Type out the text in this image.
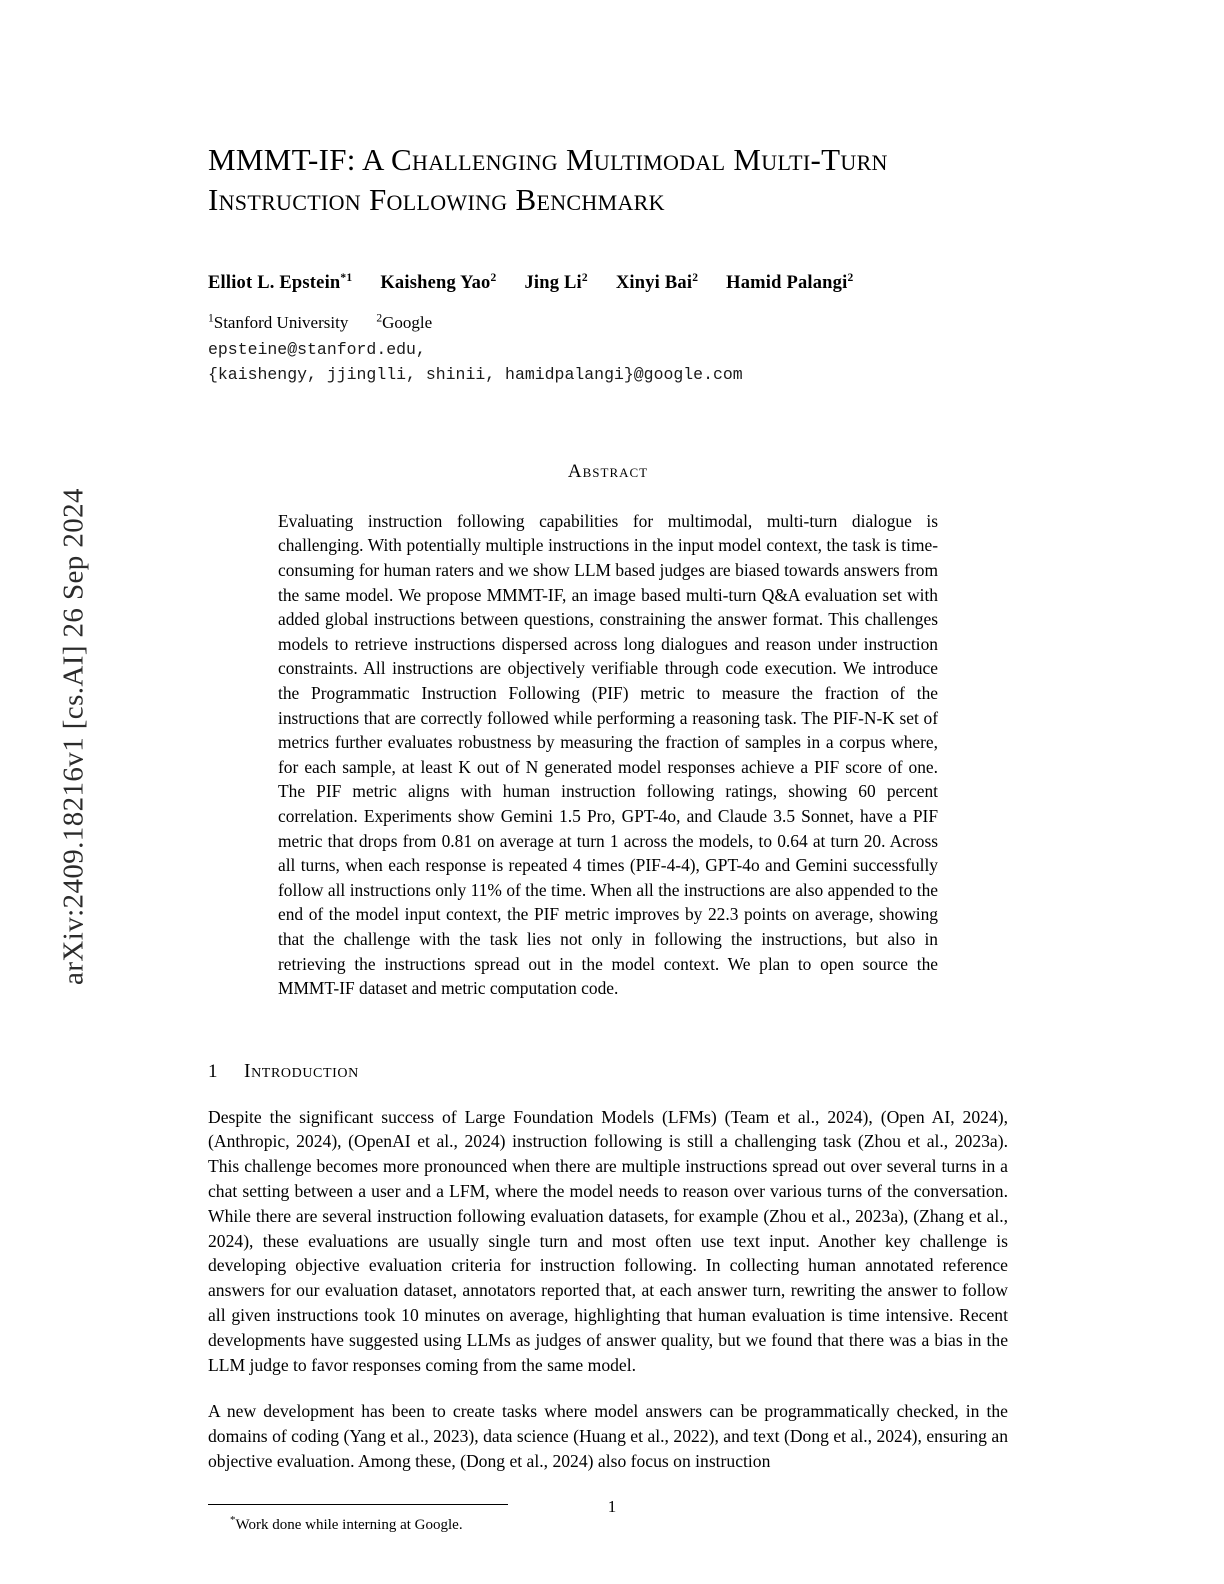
arXiv:2409.18216v1 [cs.AI] 26 Sep 2024
MMMT-IF: A Challenging Multimodal Multi-Turn Instruction Following Benchmark
Elliot L. Epstein$^{*1}$ Kaisheng Yao$^2$ Jing Li$^2$ Xinyi Bai$^2$ Hamid Palangi$^2$
$^1$Stanford University $^2$Google
epsteine@stanford.edu,
{kaishengy, jjinglli, shinii, hamidpalangi}@google.com
Abstract
Evaluating instruction following capabilities for multimodal, multi-turn dialogue is challenging. With potentially multiple instructions in the input model context, the task is time-consuming for human raters and we show LLM based judges are biased towards answers from the same model. We propose MMMT-IF, an image based multi-turn Q&A evaluation set with added global instructions between questions, constraining the answer format. This challenges models to retrieve instructions dispersed across long dialogues and reason under instruction constraints. All instructions are objectively verifiable through code execution. We introduce the Programmatic Instruction Following (PIF) metric to measure the fraction of the instructions that are correctly followed while performing a reasoning task. The PIF-N-K set of metrics further evaluates robustness by measuring the fraction of samples in a corpus where, for each sample, at least K out of N generated model responses achieve a PIF score of one. The PIF metric aligns with human instruction following ratings, showing 60 percent correlation. Experiments show Gemini 1.5 Pro, GPT-4o, and Claude 3.5 Sonnet, have a PIF metric that drops from 0.81 on average at turn 1 across the models, to 0.64 at turn 20. Across all turns, when each response is repeated 4 times (PIF-4-4), GPT-4o and Gemini successfully follow all instructions only 11% of the time. When all the instructions are also appended to the end of the model input context, the PIF metric improves by 22.3 points on average, showing that the challenge with the task lies not only in following the instructions, but also in retrieving the instructions spread out in the model context. We plan to open source the MMMT-IF dataset and metric computation code.
1 Introduction
Despite the significant success of Large Foundation Models (LFMs) (Team et al., 2024), (Open AI, 2024), (Anthropic, 2024), (OpenAI et al., 2024) instruction following is still a challenging task (Zhou et al., 2023a). This challenge becomes more pronounced when there are multiple instructions spread out over several turns in a chat setting between a user and a LFM, where the model needs to reason over various turns of the conversation. While there are several instruction following evaluation datasets, for example (Zhou et al., 2023a), (Zhang et al., 2024), these evaluations are usually single turn and most often use text input. Another key challenge is developing objective evaluation criteria for instruction following. In collecting human annotated reference answers for our evaluation dataset, annotators reported that, at each answer turn, rewriting the answer to follow all given instructions took 10 minutes on average, highlighting that human evaluation is time intensive. Recent developments have suggested using LLMs as judges of answer quality, but we found that there was a bias in the LLM judge to favor responses coming from the same model.
A new development has been to create tasks where model answers can be programmatically checked, in the domains of coding (Yang et al., 2023), data science (Huang et al., 2022), and text (Dong et al., 2024), ensuring an objective evaluation. Among these, (Dong et al., 2024) also focus on instruction
*Work done while interning at Google.
1
